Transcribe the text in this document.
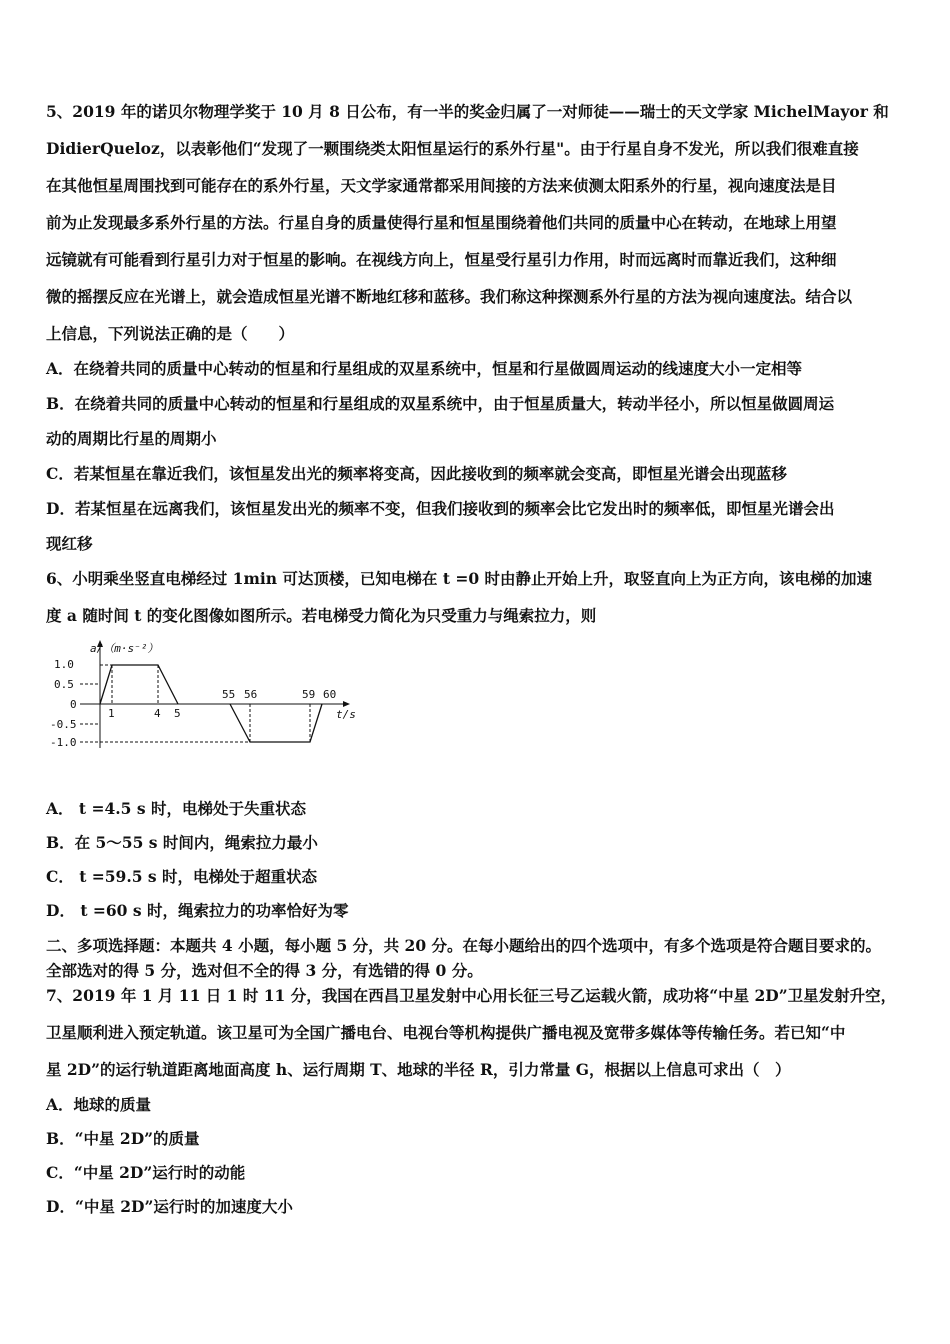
5、2019 年的诺贝尔物理学奖于 10 月 8 日公布，有一半的奖金归属了一对师徒——瑞士的天文学家 MichelMayor 和
DidierQueloz，以表彰他们“发现了一颗围绕类太阳恒星运行的系外行星"。由于行星自身不发光，所以我们很难直接
在其他恒星周围找到可能存在的系外行星，天文学家通常都采用间接的方法来侦测太阳系外的行星，视向速度法是目
前为止发现最多系外行星的方法。行星自身的质量使得行星和恒星围绕着他们共同的质量中心在转动，在地球上用望
远镜就有可能看到行星引力对于恒星的影响。在视线方向上，恒星受行星引力作用，时而远离时而靠近我们，这种细
微的摇摆反应在光谱上，就会造成恒星光谱不断地红移和蓝移。我们称这种探测系外行星的方法为视向速度法。结合以
上信息，下列说法正确的是（　　）
A．在绕着共同的质量中心转动的恒星和行星组成的双星系统中，恒星和行星做圆周运动的线速度大小一定相等
B．在绕着共同的质量中心转动的恒星和行星组成的双星系统中，由于恒星质量大，转动半径小，所以恒星做圆周运
动的周期比行星的周期小
C．若某恒星在靠近我们，该恒星发出光的频率将变高，因此接收到的频率就会变高，即恒星光谱会出现蓝移
D．若某恒星在远离我们，该恒星发出光的频率不变，但我们接收到的频率会比它发出时的频率低，即恒星光谱会出
现红移
6、小明乘坐竖直电梯经过 1min 可达顶楼，已知电梯在 t =0 时由静止开始上升，取竖直向上为正方向，该电梯的加速
度 a 随时间 t 的变化图像如图所示。若电梯受力简化为只受重力与绳索拉力，则
1.0
0.5
0
-0.5
-1.0
1	4 5
55 56	59 60
a/（m·s⁻²）
t/s
A． t =4.5 s 时，电梯处于失重状态
B．在 5～55 s 时间内，绳索拉力最小
C． t =59.5 s 时，电梯处于超重状态
D． t =60 s 时，绳索拉力的功率恰好为零
二、多项选择题：本题共 4 小题，每小题 5 分，共 20 分。在每小题给出的四个选项中，有多个选项是符合题目要求的。
全部选对的得 5 分，选对但不全的得 3 分，有选错的得 0 分。
7、2019 年 1 月 11 日 1 时 11 分，我国在西昌卫星发射中心用长征三号乙运载火箭，成功将“中星 2D”卫星发射升空，
卫星顺利进入预定轨道。该卫星可为全国广播电台、电视台等机构提供广播电视及宽带多媒体等传输任务。若已知“中
星 2D”的运行轨道距离地面高度 h、运行周期 T、地球的半径 R，引力常量 G，根据以上信息可求出（　）
A．地球的质量
B．“中星 2D”的质量
C．“中星 2D”运行时的动能
D．“中星 2D”运行时的加速度大小
